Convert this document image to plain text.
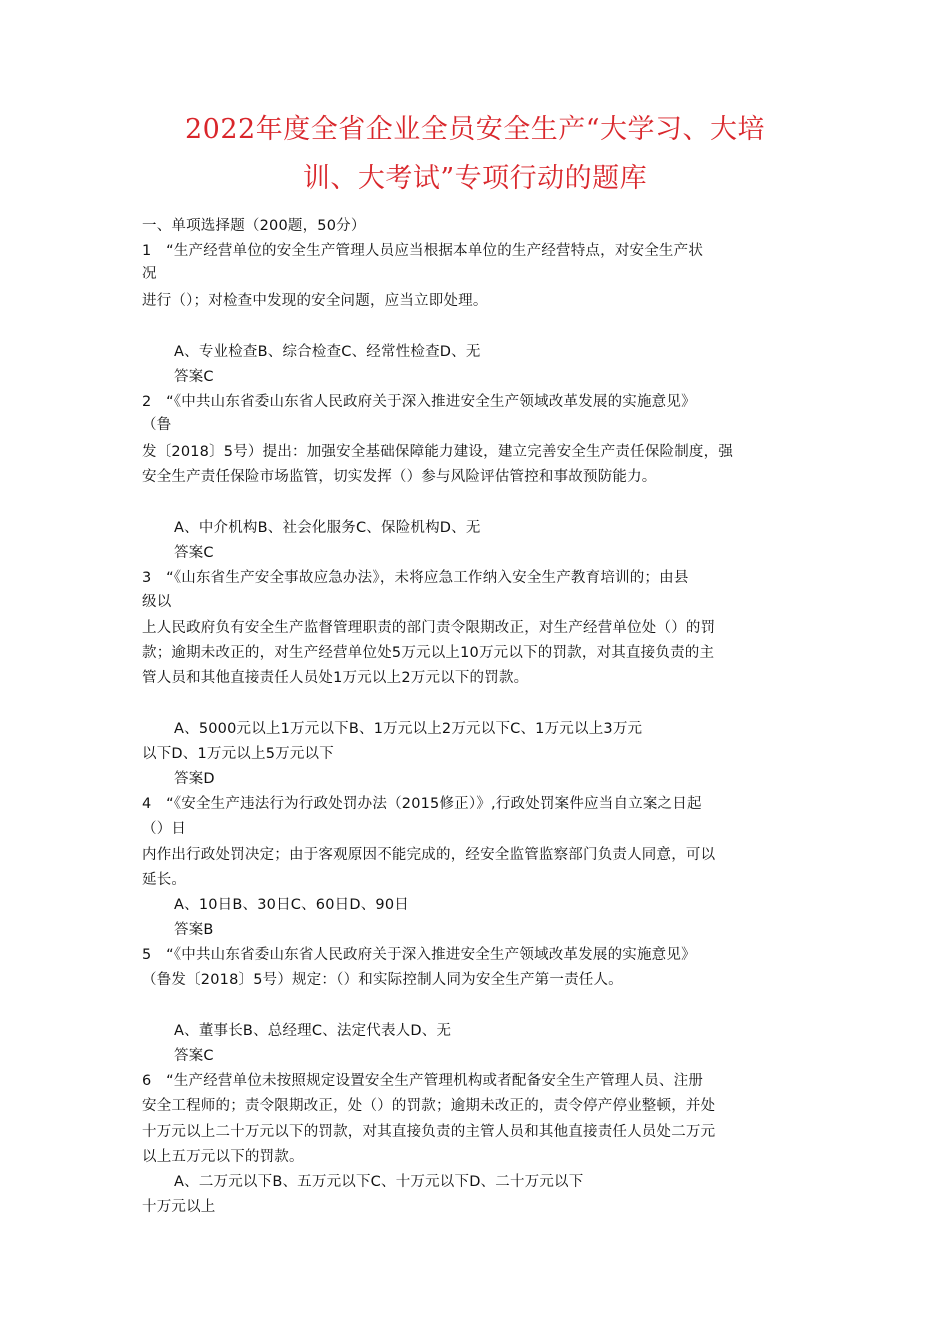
2022年度全省企业全员安全生产“大学习、大培
训、大考试”专项行动的题库
一、单项选择题（200题，50分）
1　“生产经营单位的安全生产管理人员应当根据本单位的生产经营特点，对安全生产状
况
进行（）；对检查中发现的安全问题，应当立即处理。
A、专业检查B、综合检查C、经常性检查D、无
答案C
2　“《中共山东省委山东省人民政府关于深入推进安全生产领域改革发展的实施意见》
（鲁
发〔2018〕5号）提出：加强安全基础保障能力建设，建立完善安全生产责任保险制度，强
安全生产责任保险市场监管，切实发挥（）参与风险评估管控和事故预防能力。
A、中介机构B、社会化服务C、保险机构D、无
答案C
3　“《山东省生产安全事故应急办法》，未将应急工作纳入安全生产教育培训的；由县
级以
上人民政府负有安全生产监督管理职责的部门责令限期改正，对生产经营单位处（）的罚
款；逾期未改正的，对生产经营单位处5万元以上10万元以下的罚款，对其直接负责的主
管人员和其他直接责任人员处1万元以上2万元以下的罚款。
A、5000元以上1万元以下B、1万元以上2万元以下C、1万元以上3万元
以下D、1万元以上5万元以下
答案D
4　“《安全生产违法行为行政处罚办法（2015修正）》,行政处罚案件应当自立案之日起
（）日
内作出行政处罚决定；由于客观原因不能完成的，经安全监管监察部门负责人同意，可以
延长。
A、10日B、30日C、60日D、90日
答案B
5　“《中共山东省委山东省人民政府关于深入推进安全生产领域改革发展的实施意见》
（鲁发〔2018〕5号）规定：（）和实际控制人同为安全生产第一责任人。
A、董事长B、总经理C、法定代表人D、无
答案C
6　“生产经营单位未按照规定设置安全生产管理机构或者配备安全生产管理人员、注册
安全工程师的；责令限期改正，处（）的罚款；逾期未改正的，责令停产停业整顿，并处
十万元以上二十万元以下的罚款，对其直接负责的主管人员和其他直接责任人员处二万元
以上五万元以下的罚款。
A、二万元以下B、五万元以下C、十万元以下D、二十万元以下
十万元以上
